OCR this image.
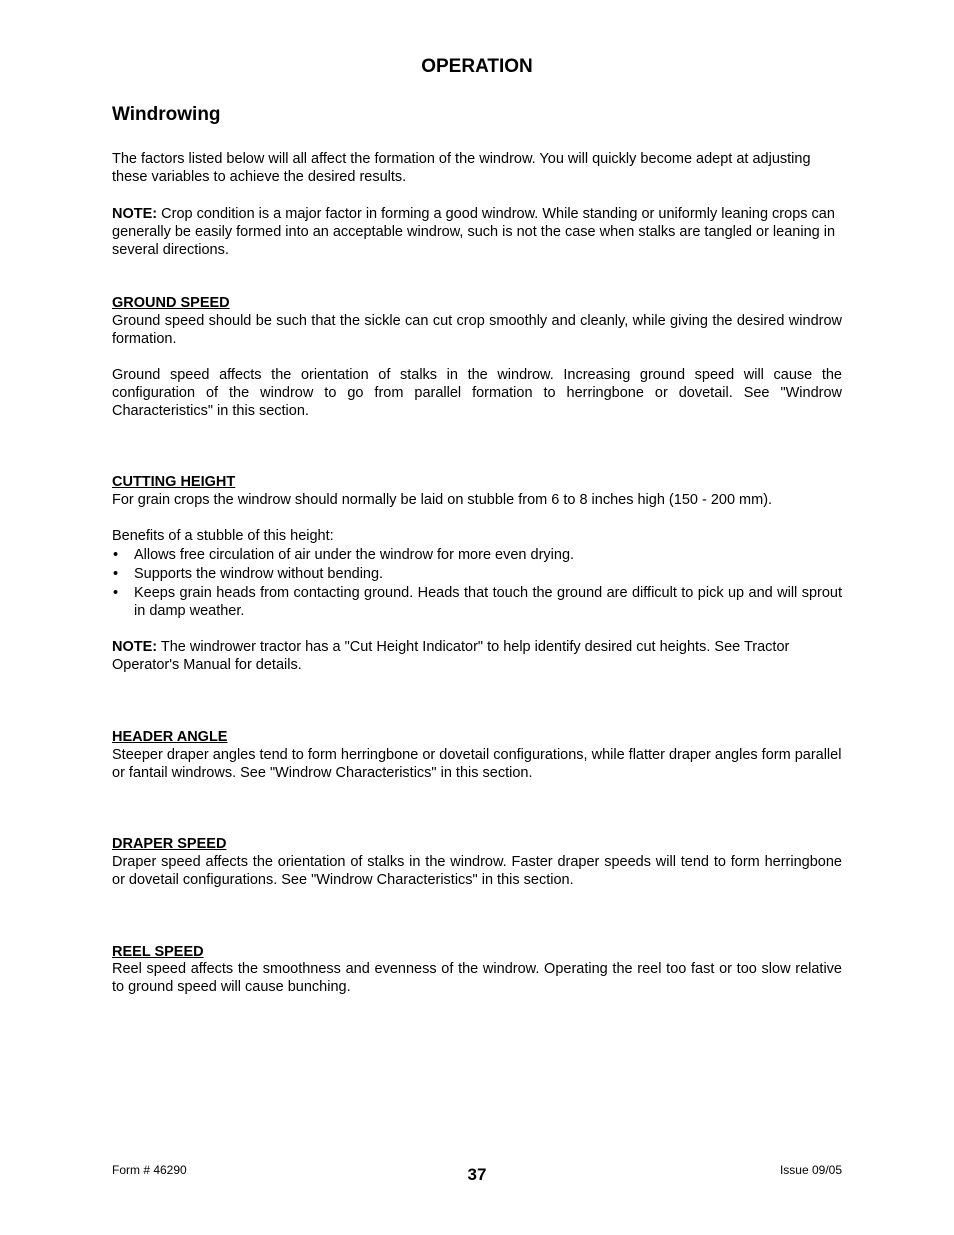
OPERATION
Windrowing

The factors listed below will all affect the formation of the windrow. You will quickly become adept at adjusting these variables to achieve the desired results.

NOTE: Crop condition is a major factor in forming a good windrow. While standing or uniformly leaning crops can generally be easily formed into an acceptable windrow, such is not the case when stalks are tangled or leaning in several directions.

GROUND SPEED

Ground speed should be such that the sickle can cut crop smoothly and cleanly, while giving the desired windrow formation.

Ground speed affects the orientation of stalks in the windrow. Increasing ground speed will cause the configuration of the windrow to go from parallel formation to herringbone or dovetail. See "Windrow Characteristics" in this section.

CUTTING HEIGHT

For grain crops the windrow should normally be laid on stubble from 6 to 8 inches high (150 - 200 mm).

Benefits of a stubble of this height:

• Allows free circulation of air under the windrow for more even drying.
• Supports the windrow without bending.
• Keeps grain heads from contacting ground. Heads that touch the ground are difficult to pick up and will sprout in damp weather.

NOTE: The windrower tractor has a "Cut Height Indicator" to help identify desired cut heights. See Tractor Operator's Manual for details.

HEADER ANGLE

Steeper draper angles tend to form herringbone or dovetail configurations, while flatter draper angles form parallel or fantail windrows. See "Windrow Characteristics" in this section.

DRAPER SPEED

Draper speed affects the orientation of stalks in the windrow. Faster draper speeds will tend to form herringbone or dovetail configurations. See "Windrow Characteristics" in this section.

REEL SPEED

Reel speed affects the smoothness and evenness of the windrow. Operating the reel too fast or too slow relative to ground speed will cause bunching.

Form # 46290	37	Issue 09/05
